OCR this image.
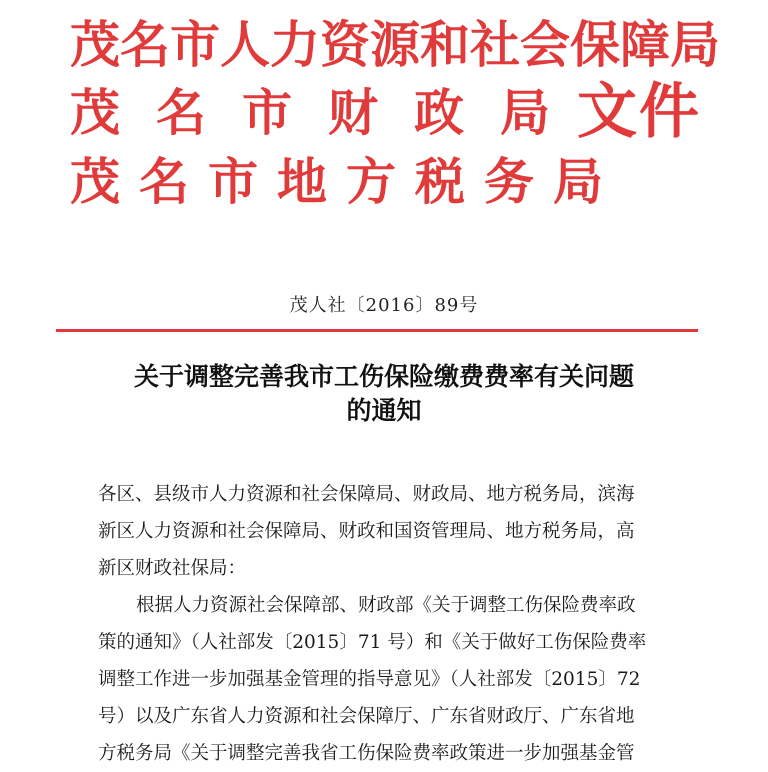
茂名市人力资源和社会保障局
茂名市财政局
茂名市地方税务局
文件
茂人社〔2016〕89号
关于调整完善我市工伤保险缴费费率有关问题
的通知

各区、县级市人力资源和社会保障局、财政局、地方税务局，滨海

新区人力资源和社会保障局、财政和国资管理局、地方税务局，高

新区财政社保局：

根据人力资源社会保障部、财政部《关于调整工伤保险费率政

策的通知》（人社部发〔2015〕71 号）和《关于做好工伤保险费率

调整工作进一步加强基金管理的指导意见》（人社部发〔2015〕72

号）以及广东省人力资源和社会保障厅、广东省财政厅、广东省地

方税务局《关于调整完善我省工伤保险费率政策进一步加强基金管
